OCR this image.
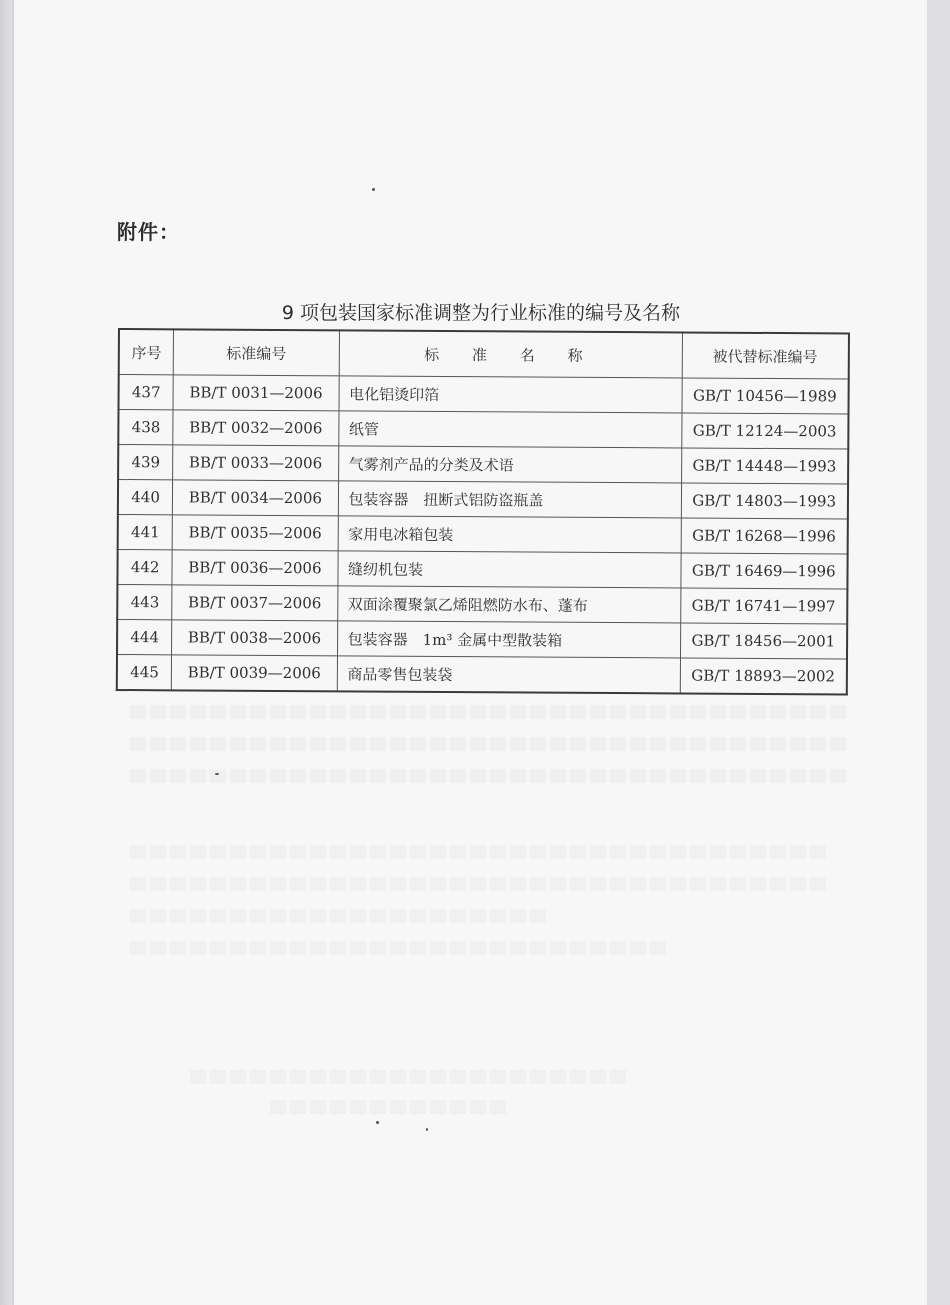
附件：
9 项包装国家标准调整为行业标准的编号及名称
序号	标准编号	标 准 名 称	被代替标准编号
437	BB/T 0031—2006	电化铝烫印箔	GB/T 10456—1989
438	BB/T 0032—2006	纸管	GB/T 12124—2003
439	BB/T 0033—2006	气雾剂产品的分类及术语	GB/T 14448—1993
440	BB/T 0034—2006	包装容器　扭断式铝防盗瓶盖	GB/T 14803—1993
441	BB/T 0035—2006	家用电冰箱包装	GB/T 16268—1996
442	BB/T 0036—2006	缝纫机包装	GB/T 16469—1996
443	BB/T 0037—2006	双面涂覆聚氯乙烯阻燃防水布、蓬布	GB/T 16741—1997
444	BB/T 0038—2006	包装容器　1m³ 金属中型散装箱	GB/T 18456—2001
445	BB/T 0039—2006	商品零售包装袋	GB/T 18893—2002
